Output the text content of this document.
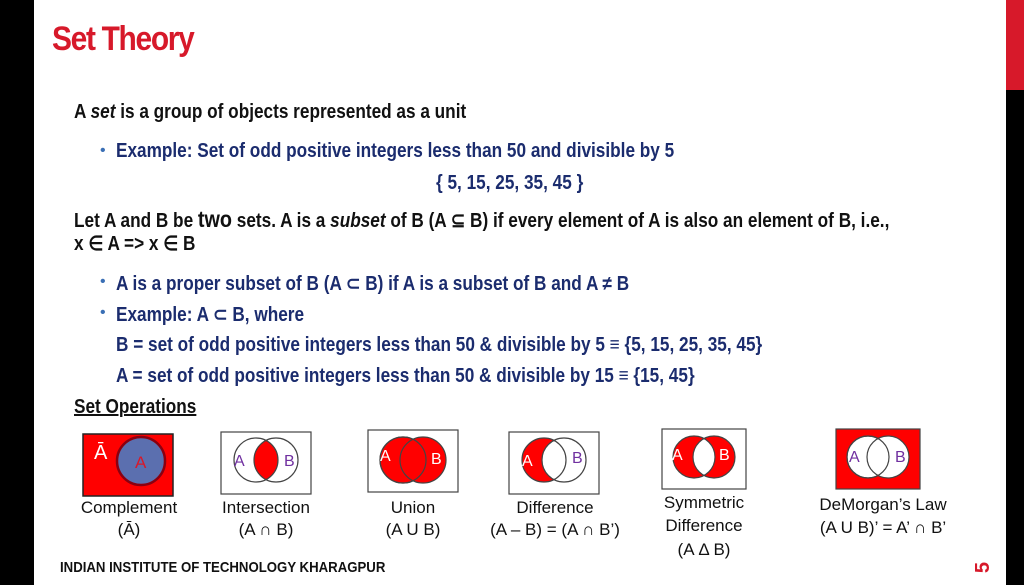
Set Theory
A set is a group of objects represented as a unit
• Example: Set of odd positive integers less than 50 and divisible by 5
{ 5, 15, 25, 35, 45 }
Let A and B be two sets. A is a subset of B (A ⊆ B) if every element of A is also an element of B, i.e.,
x ∈ A => x ∈ B
• A is a proper subset of B (A ⊂ B) if A is a subset of B and A ≠ B
• Example: A ⊂ B, where
B = set of odd positive integers less than 50 & divisible by 5 ≡ {5, 15, 25, 35, 45}
A = set of odd positive integers less than 50 & divisible by 15 ≡ {15, 45}
Set Operations
Ā A
Complement
(Ā)
A B
Intersection
(A ∩ B)
A	B
Union
(A U B)
A B
Difference
(A – B) = (A ∩ B’)
A B
Symmetric
Difference
(A Δ B)
A B
DeMorgan’s Law
(A U B)’ = A’ ∩ B’
INDIAN INSTITUTE OF TECHNOLOGY KHARAGPUR	5
